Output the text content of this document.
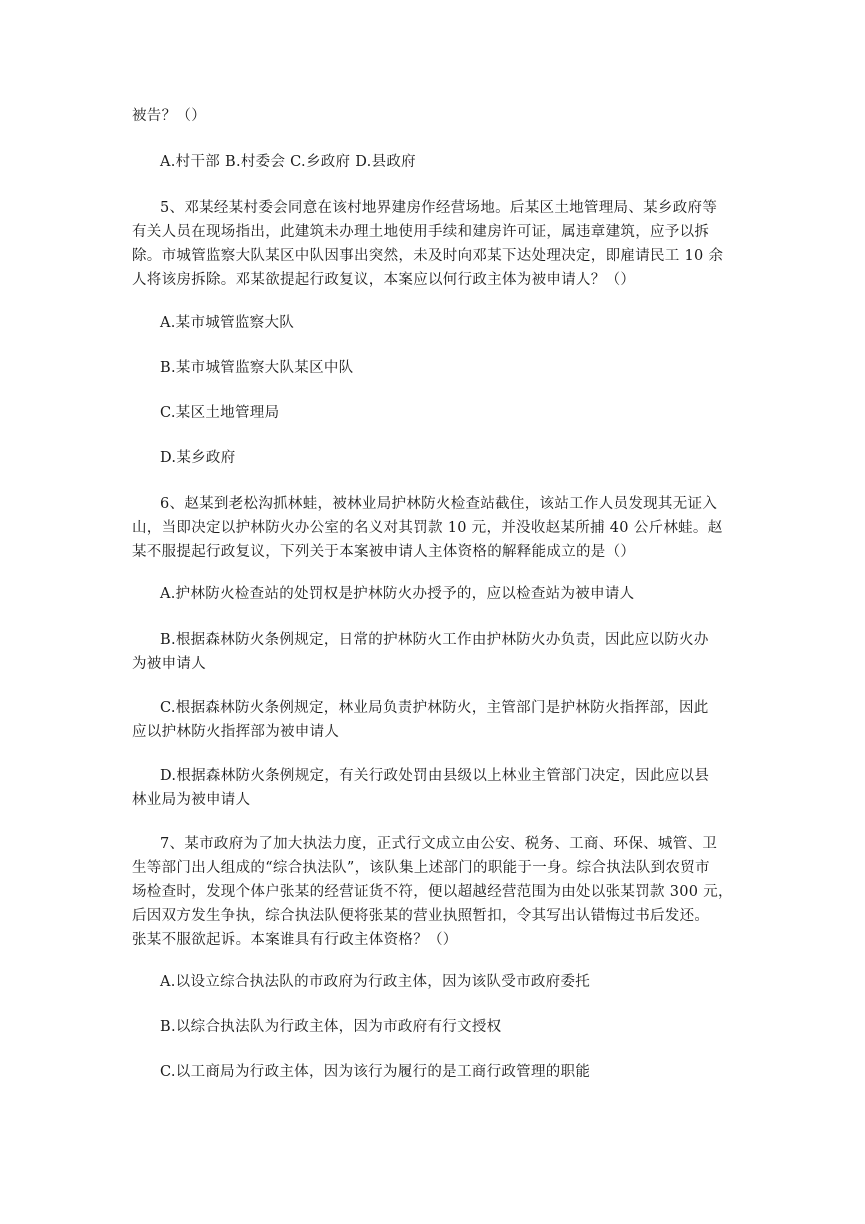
被告？（）

A.村干部 B.村委会 C.乡政府 D.县政府

5、邓某经某村委会同意在该村地界建房作经营场地。后某区土地管理局、某乡政府等
有关人员在现场指出，此建筑未办理土地使用手续和建房许可证，属违章建筑，应予以拆
除。市城管监察大队某区中队因事出突然，未及时向邓某下达处理决定，即雇请民工 10 余
人将该房拆除。邓某欲提起行政复议，本案应以何行政主体为被申请人？（）

A.某市城管监察大队

B.某市城管监察大队某区中队

C.某区土地管理局

D.某乡政府

6、赵某到老松沟抓林蛙，被林业局护林防火检查站截住，该站工作人员发现其无证入
山，当即决定以护林防火办公室的名义对其罚款 10 元，并没收赵某所捕 40 公斤林蛙。赵
某不服提起行政复议，下列关于本案被申请人主体资格的解释能成立的是（）

A.护林防火检查站的处罚权是护林防火办授予的，应以检查站为被申请人

B.根据森林防火条例规定，日常的护林防火工作由护林防火办负责，因此应以防火办
为被申请人

C.根据森林防火条例规定，林业局负责护林防火，主管部门是护林防火指挥部，因此
应以护林防火指挥部为被申请人

D.根据森林防火条例规定，有关行政处罚由县级以上林业主管部门决定，因此应以县
林业局为被申请人

7、某市政府为了加大执法力度，正式行文成立由公安、税务、工商、环保、城管、卫
生等部门出人组成的“综合执法队”，该队集上述部门的职能于一身。综合执法队到农贸市
场检查时，发现个体户张某的经营证货不符，便以超越经营范围为由处以张某罚款 300 元，
后因双方发生争执，综合执法队便将张某的营业执照暂扣，令其写出认错悔过书后发还。
张某不服欲起诉。本案谁具有行政主体资格？（）

A.以设立综合执法队的市政府为行政主体，因为该队受市政府委托

B.以综合执法队为行政主体，因为市政府有行文授权

C.以工商局为行政主体，因为该行为履行的是工商行政管理的职能
